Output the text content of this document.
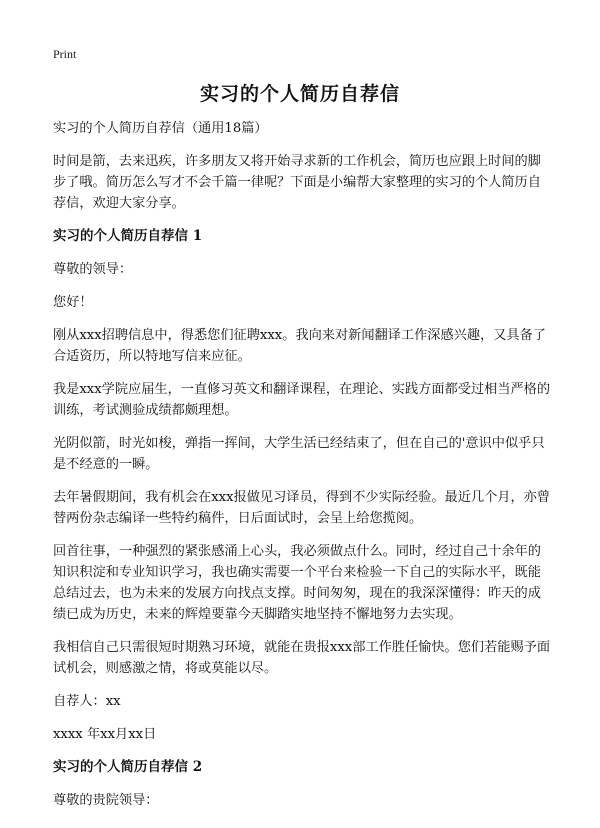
Print
实习的个人简历自荐信

实习的个人简历自荐信（通用18篇）

时间是箭，去来迅疾，许多朋友又将开始寻求新的工作机会，简历也应跟上时间的脚步了哦。简历怎么写才不会千篇一律呢？下面是小编帮大家整理的实习的个人简历自荐信，欢迎大家分享。

实习的个人简历自荐信 1

尊敬的领导：

您好！

刚从xxx招聘信息中，得悉您们征聘xxx。我向来对新闻翻译工作深感兴趣，又具备了合适资历，所以特地写信来应征。

我是xxx学院应届生，一直修习英文和翻译课程，在理论、实践方面都受过相当严格的训练，考试测验成绩都颇理想。

光阴似箭，时光如梭，弹指一挥间，大学生活已经结束了，但在自己的'意识中似乎只是不经意的一瞬。

去年暑假期间，我有机会在xxx报做见习译员，得到不少实际经验。最近几个月，亦曾替两份杂志编译一些特约稿件，日后面试时，会呈上给您揽阅。

回首往事，一种强烈的紧张感涌上心头，我必须做点什么。同时，经过自己十余年的知识积淀和专业知识学习，我也确实需要一个平台来检验一下自己的实际水平，既能总结过去，也为未来的发展方向找点支撑。时间匆匆，现在的我深深懂得：昨天的成绩已成为历史，未来的辉煌要靠今天脚踏实地坚持不懈地努力去实现。

我相信自己只需很短时期熟习环境，就能在贵报xxx部工作胜任愉快。您们若能赐予面试机会，则感激之情，将或莫能以尽。

自荐人：xx

xxxx 年xx月xx日

实习的个人简历自荐信 2

尊敬的贵院领导：
